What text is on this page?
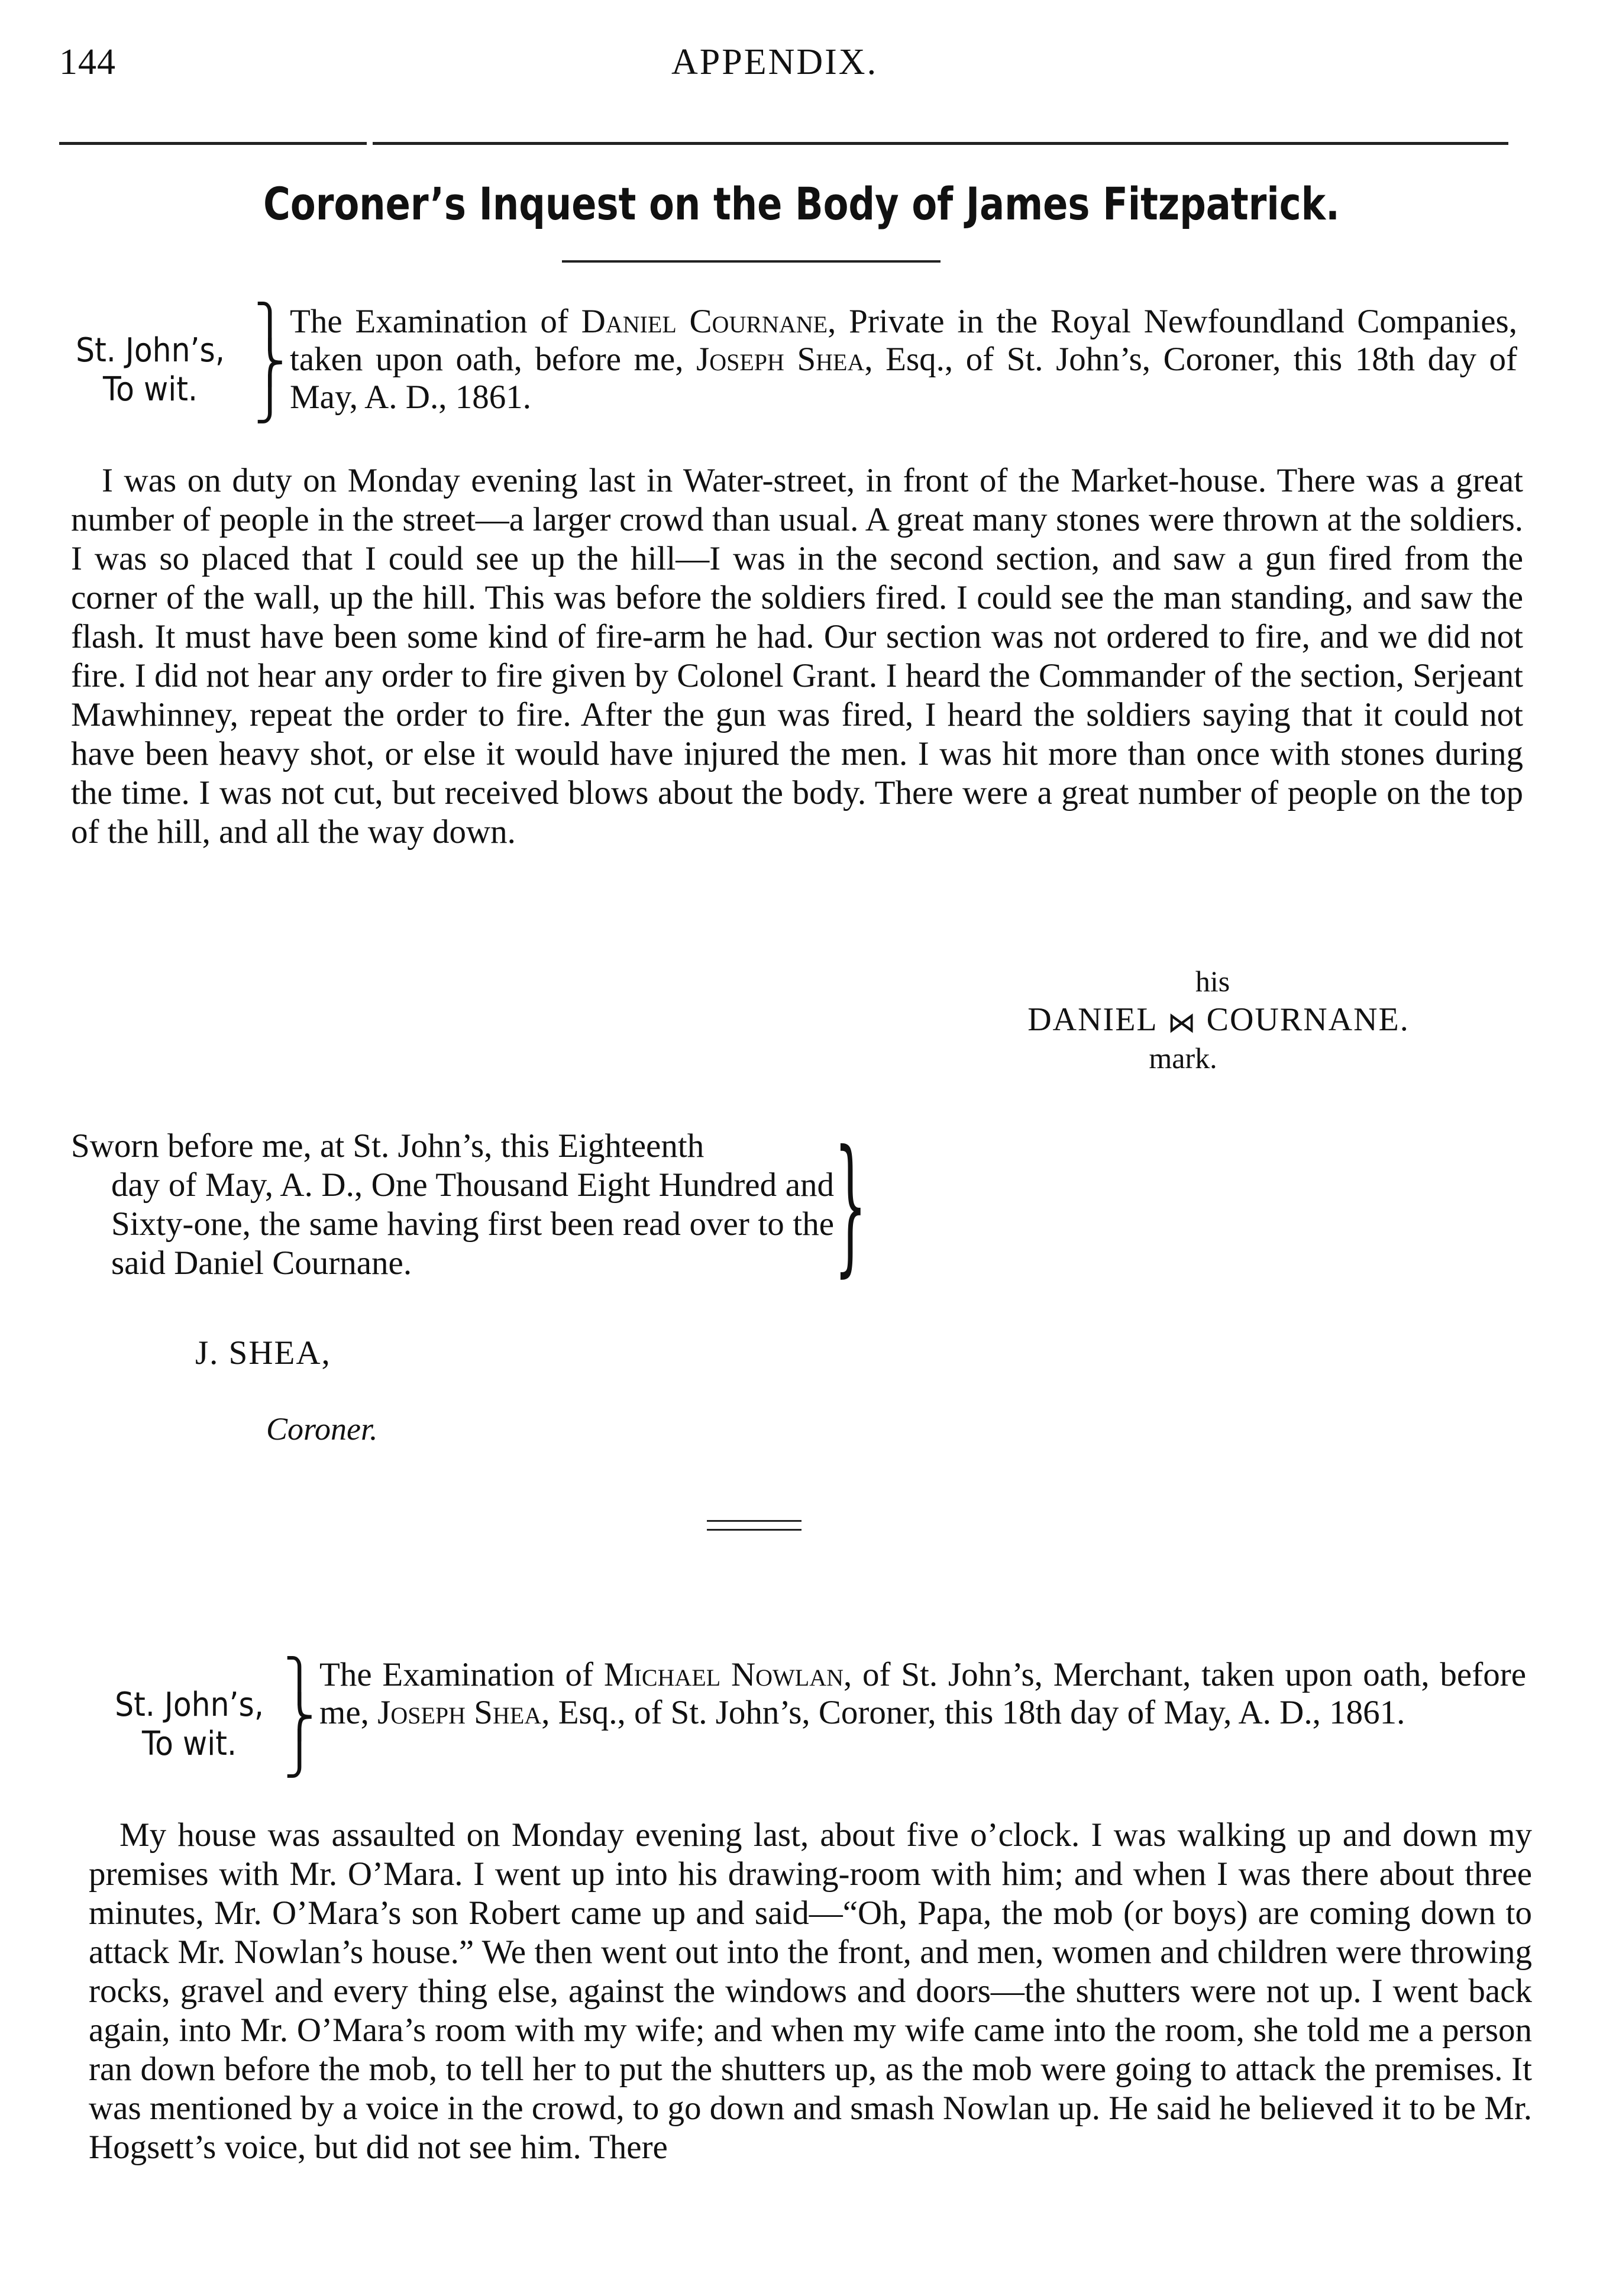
144	APPENDIX.
Coroner’s Inquest on the Body of James Fitzpatrick.
St. John’s,
To wit.
⎫
⎬
⎭
The Examination of Daniel Cournane, Private in the Royal Newfoundland Companies, taken upon oath, before me, Joseph Shea, Esq., of St. John’s, Coroner, this 18th day of May, A. D., 1861.
I was on duty on Monday evening last in Water-street, in front of the Market-house. There was a great number of people in the street—a larger crowd than usual. A great many stones were thrown at the soldiers. I was so placed that I could see up the hill—I was in the second section, and saw a gun fired from the corner of the wall, up the hill. This was before the soldiers fired. I could see the man standing, and saw the flash. It must have been some kind of fire-arm he had. Our section was not ordered to fire, and we did not fire. I did not hear any order to fire given by Colonel Grant. I heard the Commander of the section, Serjeant Mawhinney, repeat the order to fire. After the gun was fired, I heard the soldiers saying that it could not have been heavy shot, or else it would have injured the men. I was hit more than once with stones during the time. I was not cut, but received blows about the body. There were a great number of people on the top of the hill, and all the way down.
his
DANIEL ⋈ COURNANE.
mark.
Sworn before me, at St. John’s, this Eighteenth
day of May, A. D., One Thousand Eight Hundred and Sixty-one, the same having first been read over to the said Daniel Cournane.	}
J. SHEA,
Coroner.
St. John’s,
To wit.
⎫
⎬
⎭
The Examination of Michael Nowlan, of St. John’s, Merchant, taken upon oath, before me, Joseph Shea, Esq., of St. John’s, Coroner, this 18th day of May, A. D., 1861.
My house was assaulted on Monday evening last, about five o’clock. I was walking up and down my premises with Mr. O’Mara. I went up into his drawing-room with him; and when I was there about three minutes, Mr. O’Mara’s son Robert came up and said—“Oh, Papa, the mob (or boys) are coming down to attack Mr. Nowlan’s house.” We then went out into the front, and men, women and children were throwing rocks, gravel and every thing else, against the windows and doors—the shutters were not up. I went back again, into Mr. O’Mara’s room with my wife; and when my wife came into the room, she told me a person ran down before the mob, to tell her to put the shutters up, as the mob were going to attack the premises. It was mentioned by a voice in the crowd, to go down and smash Nowlan up. He said he believed it to be Mr. Hogsett’s voice, but did not see him. There
